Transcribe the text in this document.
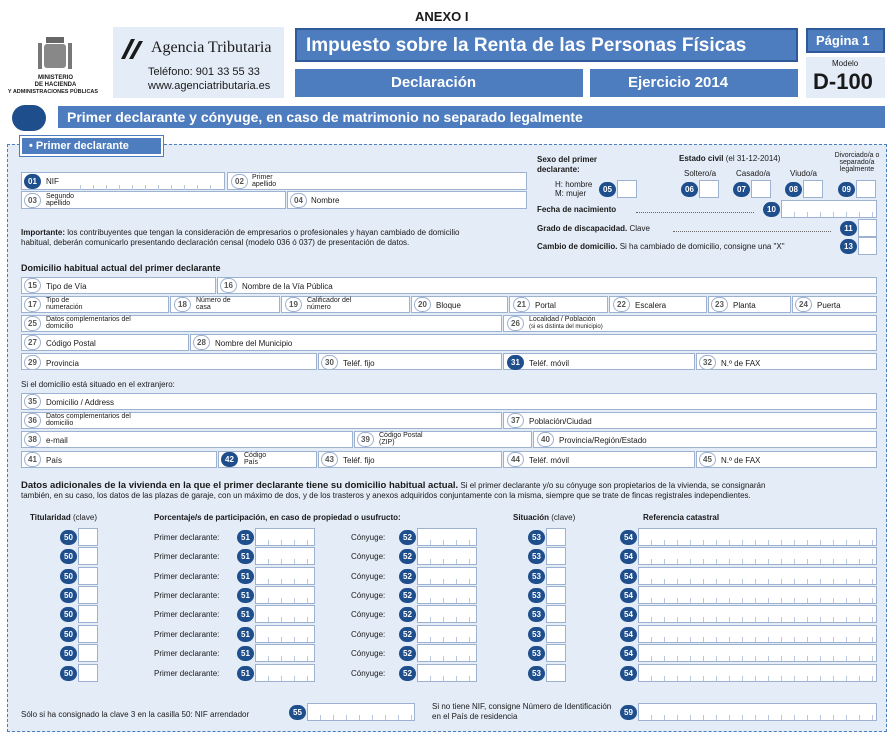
ANEXO I
MINISTERIO
DE HACIENDA
Y ADMINISTRACIONES PÚBLICAS
Agencia Tributaria
Teléfono: 901 33 55 33
www.agenciatributaria.es
Impuesto sobre la Renta de las Personas Físicas
Declaración	Ejercicio 2014
Página 1
Modelo
D-100
Primer declarante y cónyuge, en caso de matrimonio no separado legalmente
• Primer declarante
01	NIF	02	Primer apellido
03	Segundo apellido	04	Nombre
Importante: los contribuyentes que tengan la consideración de empresarios o profesionales y hayan cambiado de domicilio
habitual, deberán comunicarlo presentando declaración censal (modelo 036 ó 037) de presentación de datos.
Sexo del primer declarante:
H: hombre
M: mujer	05
Estado civil (el 31-12-2014)
Soltero/a Casado/a Viudo/a
Divorciado/a o separado/a legalmente
06	07	08	09
Fecha de nacimiento	10
Grado de discapacidad. Clave	11
Cambio de domicilio. Si ha cambiado de domicilio, consigne una "X"	13
Domicilio habitual actual del primer declarante
15	Tipo de Vía	16	Nombre de la Vía Pública
17	Tipo de numeración	18	Número de casa	19	Calificador del número	20	Bloque	21	Portal	22	Escalera	23	Planta	24	Puerta
25	Datos complementarios del domicilio	26	Localidad / Población
(si es distinta del municipio)
27	Código Postal	28	Nombre del Municipio
29	Provincia	30	Teléf. fijo	31	Teléf. móvil	32	N.º de FAX
Si el domicilio está situado en el extranjero:
35	Domicilio / Address
36	Datos complementarios del domicilio	37	Población/Ciudad
38	e-mail	39	Código Postal (ZIP)	40	Provincia/Región/Estado
41	País	42	Código País	43	Teléf. fijo	44	Teléf. móvil	45	N.º de FAX
Datos adicionales de la vivienda en la que el primer declarante tiene su domicilio habitual actual. Si el primer declarante y/o su cónyuge son propietarios de la vivienda, se consignarán
también, en su caso, los datos de las plazas de garaje, con un máximo de dos, y de los trasteros y anexos adquiridos conjuntamente con la misma, siempre que se trate de fincas registrales independientes.
Titularidad (clave)	Porcentaje/s de participación, en caso de propiedad o usufructo:	Situación (clave)	Referencia catastral
50	Primer declarante:	51	Cónyuge:	52	53	54
50	Primer declarante:	51	Cónyuge:	52	53	54
50	Primer declarante:	51	Cónyuge:	52	53	54
50	Primer declarante:	51	Cónyuge:	52	53	54
50	Primer declarante:	51	Cónyuge:	52	53	54
50	Primer declarante:	51	Cónyuge:	52	53	54
50	Primer declarante:	51	Cónyuge:	52	53	54
50	Primer declarante:	51	Cónyuge:	52	53	54
Sólo si ha consignado la clave 3 en la casilla 50: NIF arrendador	55
Si no tiene NIF, consigne Número de Identificación
en el País de residencia	59
